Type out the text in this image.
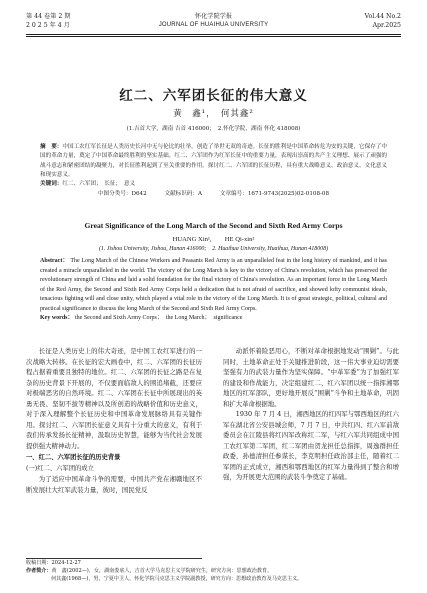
第 44 卷第 2 期
2 0 2 5 年 4 月
怀化学院学报
JOURNAL OF HUAIHUA UNIVERSITY
Vol.44 No.2
Apr.2025
红二、六军团长征的伟大意义
黄　鑫¹，　何其鑫²
(1.吉首大学，湖南 吉首 416000；　2.怀化学院，湖南 怀化 418008)
摘　要：中国工农红军长征是人类历史长河中无与伦比的壮举，创造了举世无双的奇迹。长征的胜利是中国革命转危为安的关键，它保存了中国的革命力量，奠定了中国革命最终胜利的坚实基础。红二、六军团作为红军长征中的重要力量，表现出崇高的共产主义理想、展示了顽强的战斗意志和紧密团结的凝聚力，对长征胜利起到了至关重要的作用。探讨红二、六军团的长征历程，具有重大战略意义、政治意义、文化意义和现实意义。
关键词：红二、六军团；　长征；　意义
中图分类号：D642	文献标识码：A	文章编号：1671-9743(2025)02-0108-08
Great Significance of the Long March of the Second and Sixth Red Army Corps
HUANG Xin¹,　　HE Qi-xin²
(1. Jishou University, Jishou, Hunan 416000;　2. Huaihua University, Huaihua, Hunan 418008)
Abstract： The Long March of the Chinese Workers and Peasants Red Army is an unparalleled feat in the long history of mankind, and it has created a miracle unparalleled in the world. The victory of the Long March is key to the victory of China's revolution, which has preserved the revolutionary strength of China and laid a solid foundation for the final victory of China's revolution. As an important force in the Long March of the Red Army, the Second and Sixth Red Army Corps held a dedication that is not afraid of sacrifice, and showed lofty communist ideals, tenacious fighting will and close unity, which played a vital role in the victory of the Long March. It is of great strategic, political, cultural and practical significance to discuss the long March of the Second and Sixth Red Army Corps.
Key words： the Second and Sixth Army Corps；　the Long March；　significance

长征是人类历史上的伟大奇迹，是中国工农红军进行的一次战略大转移。在长征的宏大画卷中，红二、六军团的长征历程占据着重要且独特的地位。红二、六军团的长征之路是在复杂的历史背景下开展的，不仅要面临敌人的围追堵截，还要应对极端恶劣的自然环境。红二、六军团在长征中所展现出的英勇无畏、坚韧不拔等精神以及所创造的战略价值和历史意义，对于深入理解整个长征历史和中国革命发展脉络具有关键作用。探讨红二、六军团长征意义具有十分重大的意义，有利于我们传承发扬长征精神，汲取历史智慧，能够为当代社会发展提供强大精神动力。

一、红二、六军团长征的历史背景
(一)红二、六军团的成立

为了适应中国革命斗争的需要，中国共产党在湘赣地区不断发展壮大红军武装力量，彼时，国民党反

动派怀着险恶用心，不断对革命根据地发动“围剿”。与此同时，土地革命正处于关键推进阶段，这一伟大事业迫切需要坚强有力的武装力量作为坚实保障。“中革军委”为了加强红军的建设和作战能力，决定组建红二、红六军团以统一指挥湘鄂地区的红军部队，更好地开展反“围剿”斗争和土地革命，巩固和扩大革命根据地。

1930 年 7 月 4 日，湘西地区的红四军与鄂西地区的红六军在湖北省公安县城会师，7 月 7 日，中共红四、红六军前敌委员会在江陵县将红四军改称红二军，与红六军共同组成中国工农红军第二军团，红二军团由贺龙担任总指挥，周逸群担任政委，孙德清担任参谋长，李克明担任政治部主任，随着红二军团的正式成立，湘西和鄂西地区的红军力量得到了整合和增强，为开展更大范围的武装斗争奠定了基础。

收稿日期：2024-12-27
作者简介：黄　鑫(2002—)，女，湖南娄底人，吉首大学马克思主义学院研究生，研究方向：思想政治教育。
何其鑫(1968—)，男，宁夏中卫人，怀化学院马克思主义学院副教授，研究方向：思想政治教育及马克思主义。
